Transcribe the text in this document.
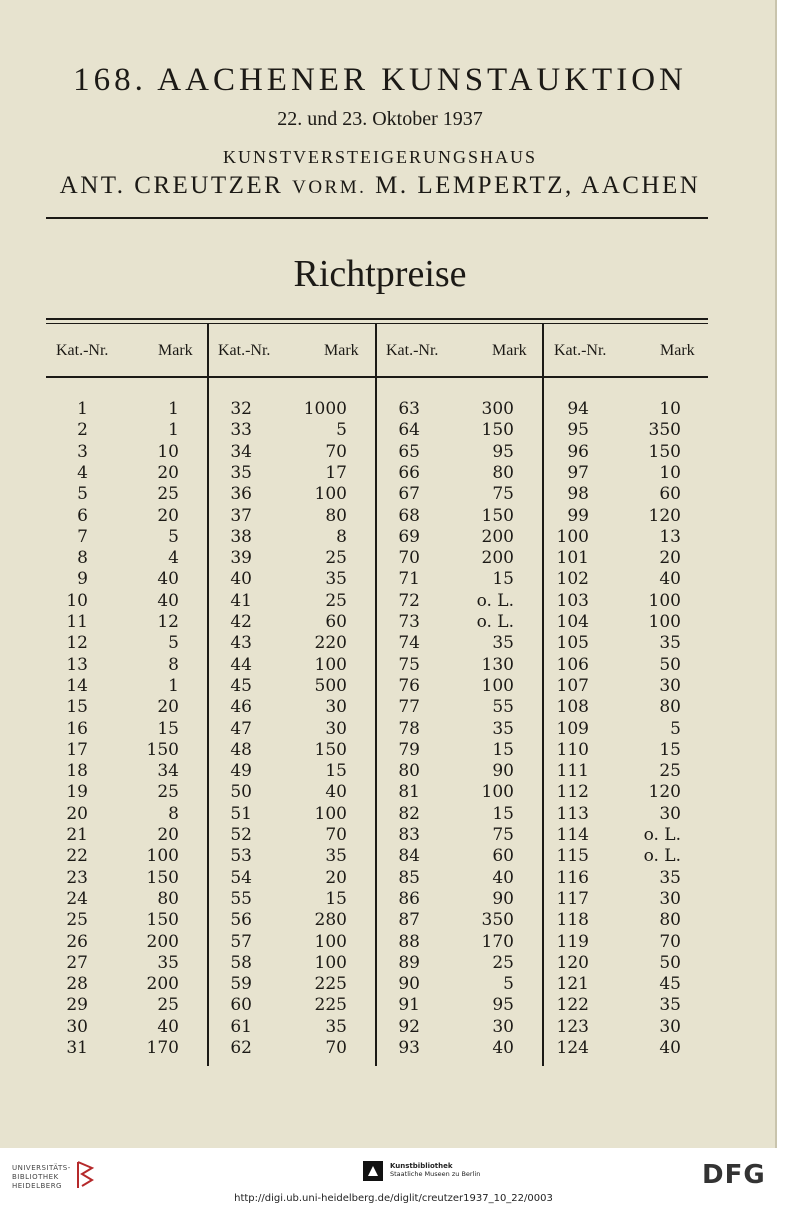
168. AACHENER KUNSTAUKTION
22. und 23. Oktober 1937
KUNSTVERSTEIGERUNGSHAUS
ANT. CREUTZER VORM. M. LEMPERTZ, AACHEN
Richtpreise
Kat.-Nr.	Mark Kat.-Nr.	Mark Kat.-Nr.	Mark Kat.-Nr.	Mark
1	1
2	1
3	10
4	20
5	25
6	20
7	5
8	4
9	40
10	40
11	12
12	5
13	8
14	1
15	20
16	15
17	150
18	34
19	25
20	8
21	20
22	100
23	150
24	80
25	150
26	200
27	35
28	200
29	25
30	40
31	170
32	1000
33	5
34	70
35	17
36	100
37	80
38	8
39	25
40	35
41	25
42	60
43	220
44	100
45	500
46	30
47	30
48	150
49	15
50	40
51	100
52	70
53	35
54	20
55	15
56	280
57	100
58	100
59	225
60	225
61	35
62	70
63	300
64	150
65	95
66	80
67	75
68	150
69	200
70	200
71	15
72	o. L.
73	o. L.
74	35
75	130
76	100
77	55
78	35
79	15
80	90
81	100
82	15
83	75
84	60
85	40
86	90
87	350
88	170
89	25
90	5
91	95
92	30
93	40
94	10
95	350
96	150
97	10
98	60
99	120
100	13
101	20
102	40
103	100
104	100
105	35
106	50
107	30
108	80
109	5
110	15
111	25
112	120
113	30
114	o. L.
115	o. L.
116	35
117	30
118	80
119	70
120	50
121	45
122	35
123	30
124	40
UNIVERSITÄTS-
BIBLIOTHEK
HEIDELBERG
Kunstbibliothek
Staatliche Museen zu Berlin	DFG
http://digi.ub.uni-heidelberg.de/diglit/creutzer1937_10_22/0003
